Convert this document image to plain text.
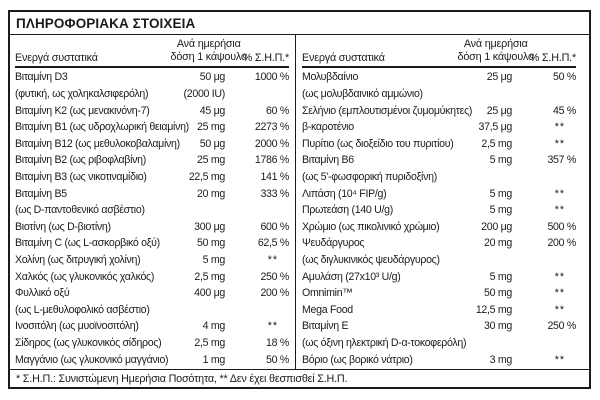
ΠΛΗΡΟΦΟΡΙΑΚΑ ΣΤΟΙΧΕΙΑ
Ενεργά συστατικά
Ανά ημερήσια
δόση 1 κάψουλα
% Σ.Η.Π.*
Βιταμίνη D3	50 μg	1000 %
(φυτική, ως χοληκαλσιφερόλη)	(2000 IU)
Βιταμίνη K2 (ως μενακινόνη-7)	45 μg	60 %
Βιταμίνη B1 (ως υδροχλωρική θειαμίνη) 25 mg	2273 %
Βιταμίνη B12 (ως μεθυλοκοβαλαμίνη)	50 μg	2000 %
Βιταμίνη B2 (ως ριβοφλαβίνη)	25 mg	1786 %
Βιταμίνη B3 (ως νικοτιναμίδιο)	22,5 mg	141 %
Βιταμίνη B5	20 mg	333 %
(ως D-παντοθενικό ασβέστιο)
Βιοτίνη (ως D-βιοτίνη)	300 μg	600 %
Βιταμίνη C (ως L-ασκορβικό οξύ)	50 mg	62,5 %
Χολίνη (ως διτρυγική χολίνη)	5 mg	**
Χαλκός (ως γλυκονικός χαλκός)	2,5 mg	250 %
Φυλλικό οξύ	400 μg	200 %
(ως L-μεθυλοφολικό ασβέστιο)
Ινοσιτόλη (ως μυοϊνοσιτόλη)	4 mg	**
Σίδηρος (ως γλυκονικός σίδηρος)	2,5 mg	18 %
Μαγγάνιο (ως γλυκονικό μαγγάνιο)	1 mg	50 %
Ενεργά συστατικά
Ανά ημερήσια
δόση 1 κάψουλα
% Σ.Η.Π.*
Μολυβδαίνιο	25 μg	50 %
(ως μολυβδαινικό αμμώνιο)
Σελήνιο (εμπλουτισμένοι ζυμομύκητες)	25 μg	45 %
β-καροτένιο	37,5 μg	**
Πυρίτιο (ως διοξείδιο του πυριτίου)	2,5 mg	**
Βιταμίνη B6	5 mg	357 %
(ως 5'-φωσφορική πυριδοξίνη)
Λιπάση (10⁴ FIP/g)	5 mg	**
Πρωτεάση (140 U/g)	5 mg	**
Χρώμιο (ως πικολινικό χρώμιο)	200 μg	500 %
Ψευδάργυρος	20 mg	200 %
(ως διγλυκινικός ψευδάργυρος)
Αμυλάση (27x10³ U/g)	5 mg	**
Omnimin™	50 mg	**
Mega Food	12,5 mg	**
Βιταμίνη E	30 mg	250 %
(ως όξινη ηλεκτρική D-α-τοκοφερόλη)
Βόριο (ως βορικό νάτριο)	3 mg	**
* Σ.Η.Π.: Συνιστώμενη Ημερήσια Ποσότητα, ** Δεν έχει θεσπισθεί Σ.Η.Π.
